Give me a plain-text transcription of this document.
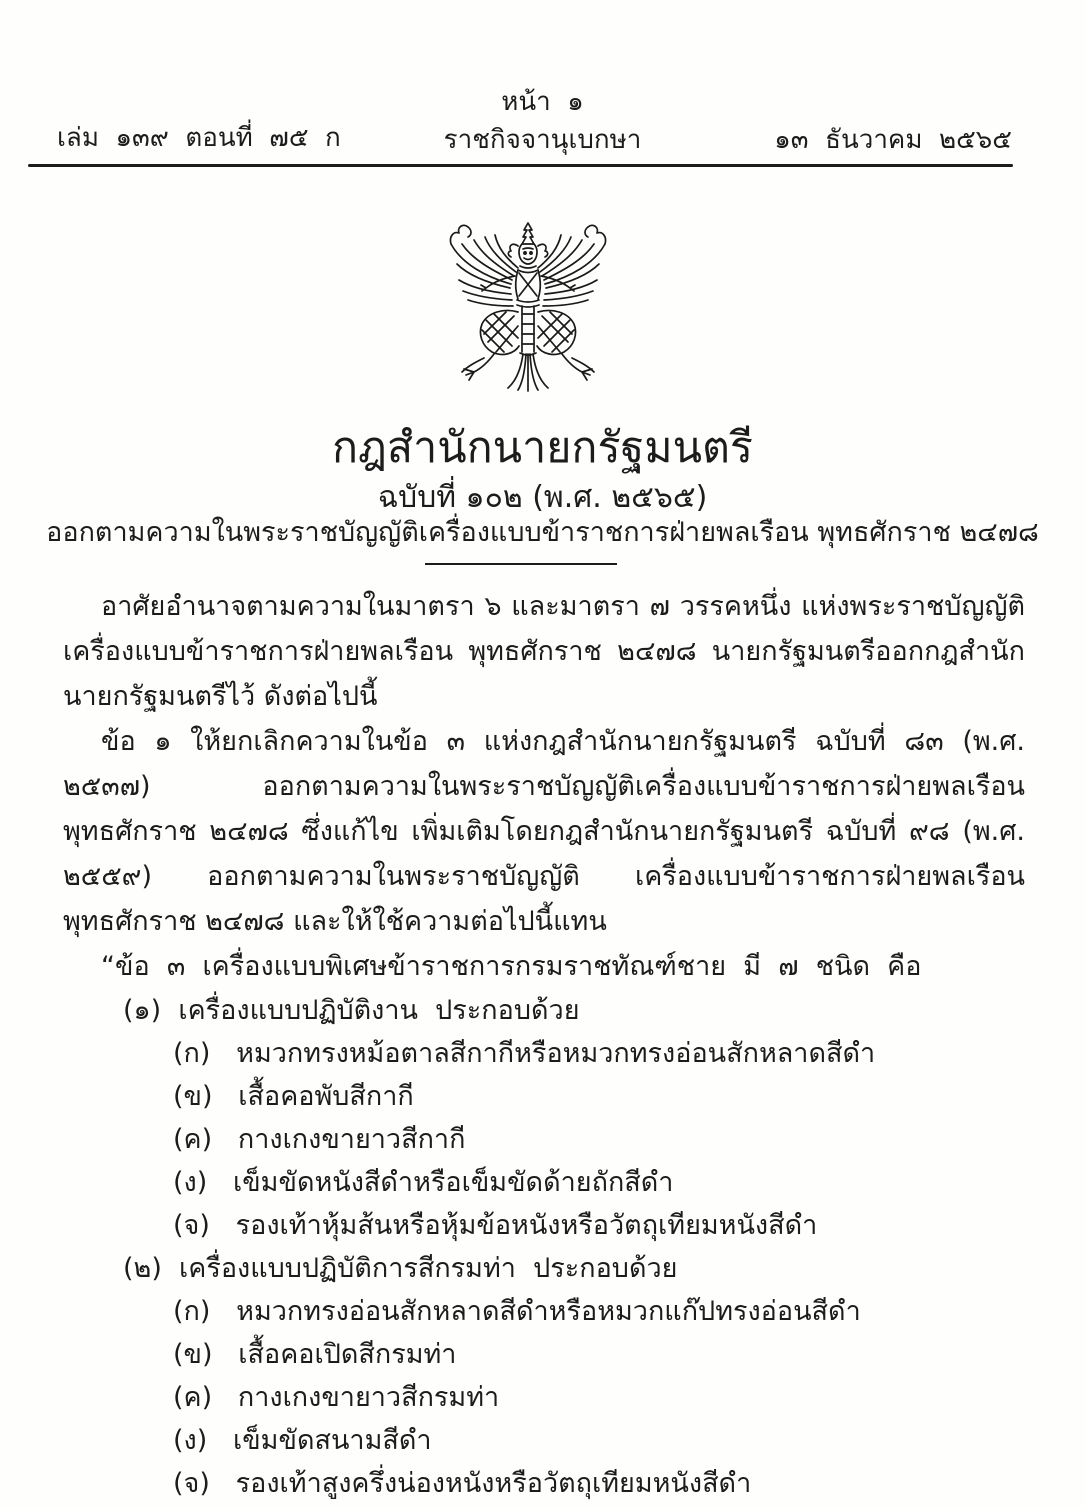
หน้า  ๑
เล่ม  ๑๓๙  ตอนที่  ๗๕  ก	ราชกิจจานุเบกษา	๑๓  ธันวาคม  ๒๕๖๕
กฎสำนักนายกรัฐมนตรี
ฉบับที่ ๑๐๒ (พ.ศ. ๒๕๖๕)
ออกตามความในพระราชบัญญัติเครื่องแบบข้าราชการฝ่ายพลเรือน พุทธศักราช ๒๔๗๘

อาศัยอำนาจตามความในมาตรา ๖ และมาตรา ๗ วรรคหนึ่ง แห่งพระราชบัญญัติ เครื่องแบบข้าราชการฝ่ายพลเรือน พุทธศักราช ๒๔๗๘ นายกรัฐมนตรีออกกฎสำนักนายกรัฐมนตรีไว้ ดังต่อไปนี้

ข้อ ๑ ให้ยกเลิกความในข้อ ๓ แห่งกฎสำนักนายกรัฐมนตรี ฉบับที่ ๘๓ (พ.ศ. ๒๕๓๗) ออกตามความในพระราชบัญญัติเครื่องแบบข้าราชการฝ่ายพลเรือน พุทธศักราช ๒๔๗๘ ซึ่งแก้ไข เพิ่มเติมโดยกฎสำนักนายกรัฐมนตรี ฉบับที่ ๙๘ (พ.ศ. ๒๕๕๙) ออกตามความในพระราชบัญญัติ เครื่องแบบข้าราชการฝ่ายพลเรือน พุทธศักราช ๒๔๗๘ และให้ใช้ความต่อไปนี้แทน

“ข้อ  ๓  เครื่องแบบพิเศษข้าราชการกรมราชทัณฑ์ชาย  มี  ๗  ชนิด  คือ
(๑)  เครื่องแบบปฏิบัติงาน  ประกอบด้วย
(ก)   หมวกทรงหม้อตาลสีกากีหรือหมวกทรงอ่อนสักหลาดสีดำ
(ข)   เสื้อคอพับสีกากี
(ค)   กางเกงขายาวสีกากี
(ง)   เข็มขัดหนังสีดำหรือเข็มขัดด้ายถักสีดำ
(จ)   รองเท้าหุ้มส้นหรือหุ้มข้อหนังหรือวัตถุเทียมหนังสีดำ
(๒)  เครื่องแบบปฏิบัติการสีกรมท่า  ประกอบด้วย
(ก)   หมวกทรงอ่อนสักหลาดสีดำหรือหมวกแก๊ปทรงอ่อนสีดำ
(ข)   เสื้อคอเปิดสีกรมท่า
(ค)   กางเกงขายาวสีกรมท่า
(ง)   เข็มขัดสนามสีดำ
(จ)   รองเท้าสูงครึ่งน่องหนังหรือวัตถุเทียมหนังสีดำ
